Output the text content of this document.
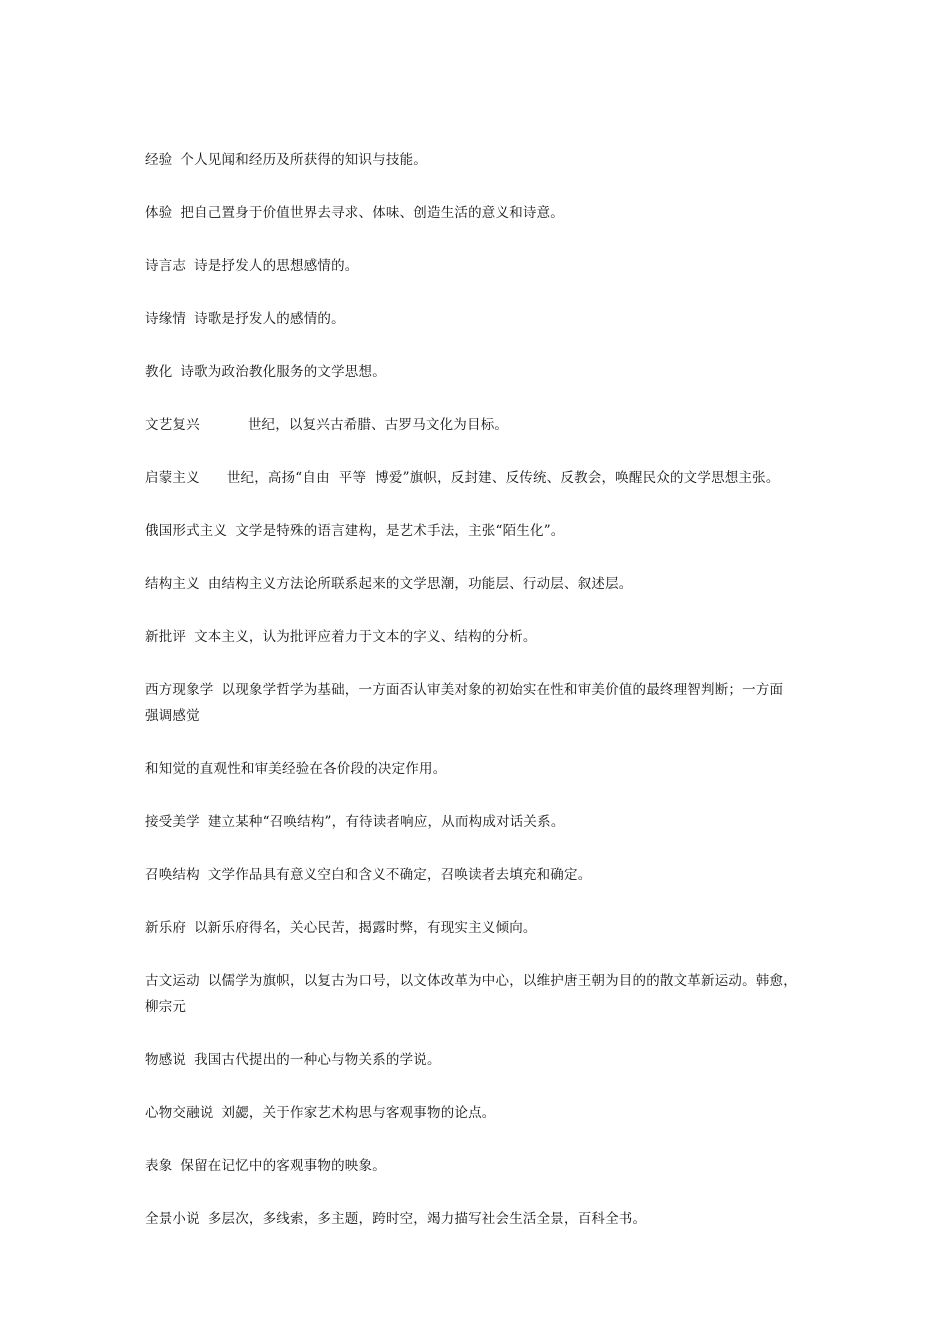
经验 个人见闻和经历及所获得的知识与技能。
体验 把自己置身于价值世界去寻求、体味、创造生活的意义和诗意。
诗言志 诗是抒发人的思想感情的。
诗缘情 诗歌是抒发人的感情的。
教化 诗歌为政治教化服务的文学思想。
文艺复兴	世纪，以复兴古希腊、古罗马文化为目标。
启蒙主义 世纪，高扬“自由  平等  博爱”旗帜，反封建、反传统、反教会，唤醒民众的文学思想主张。
俄国形式主义 文学是特殊的语言建构，是艺术手法，主张“陌生化”。
结构主义 由结构主义方法论所联系起来的文学思潮，功能层、行动层、叙述层。
新批评 文本主义，认为批评应着力于文本的字义、结构的分析。
西方现象学 以现象学哲学为基础，一方面否认审美对象的初始实在性和审美价值的最终理智判断；一方面
强调感觉
和知觉的直观性和审美经验在各价段的决定作用。
接受美学 建立某种“召唤结构”，有待读者响应，从而构成对话关系。
召唤结构 文学作品具有意义空白和含义不确定，召唤读者去填充和确定。
新乐府 以新乐府得名，关心民苦，揭露时弊，有现实主义倾向。
古文运动 以儒学为旗帜，以复古为口号，以文体改革为中心，以维护唐王朝为目的的散文革新运动。韩愈，
柳宗元
物感说 我国古代提出的一种心与物关系的学说。
心物交融说 刘勰，关于作家艺术构思与客观事物的论点。
表象 保留在记忆中的客观事物的映象。
全景小说 多层次，多线索，多主题，跨时空，竭力描写社会生活全景，百科全书。
